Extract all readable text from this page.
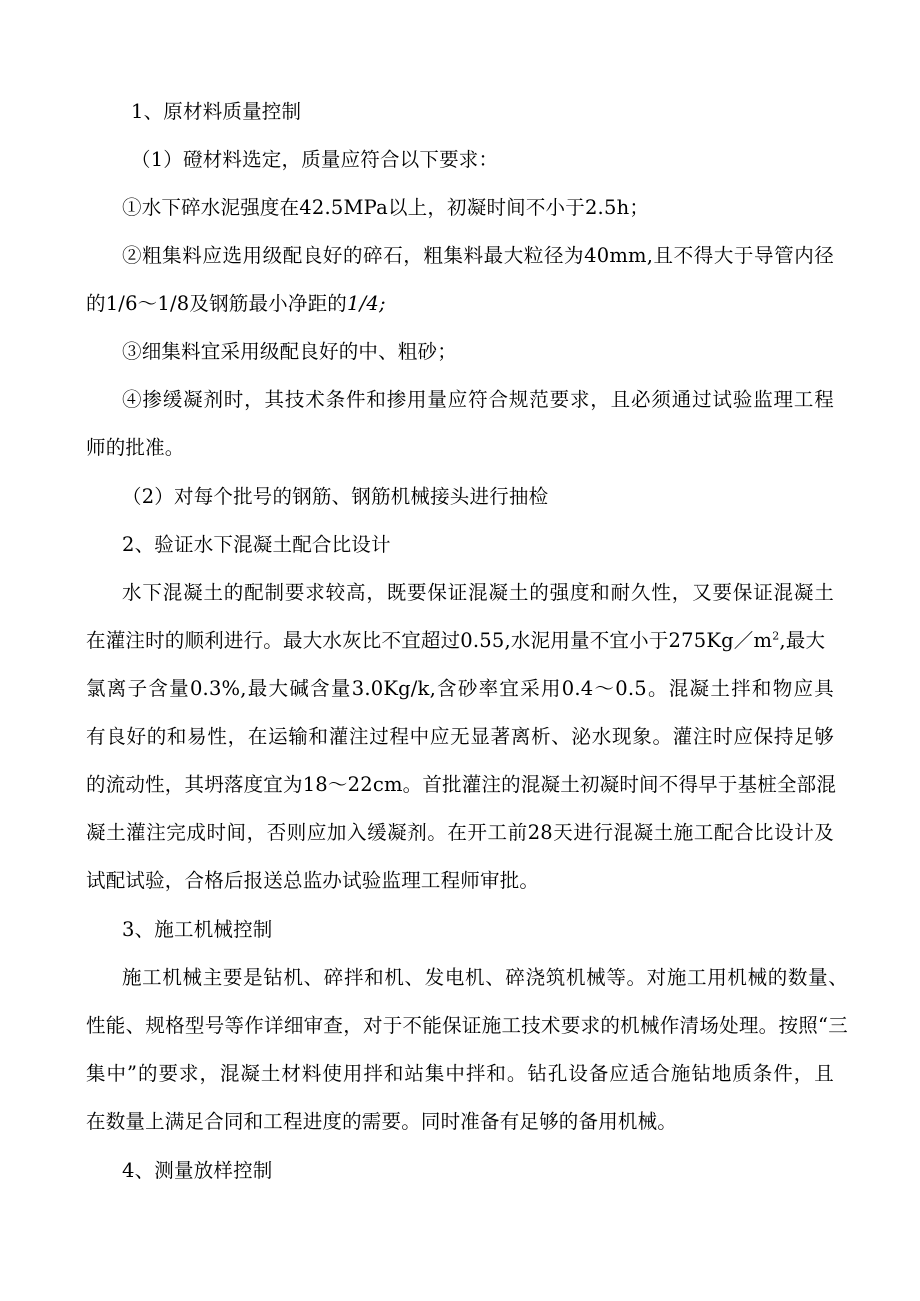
1、原材料质量控制
（1）磴材料选定，质量应符合以下要求：
①水下碎水泥强度在42.5MPa以上，初凝时间不小于2.5h；
②粗集料应选用级配良好的碎石，粗集料最大粒径为40mm,且不得大于导管内径
的1/6～1/8及钢筋最小净距的1/4;
③细集料宜采用级配良好的中、粗砂；
④掺缓凝剂时，其技术条件和掺用量应符合规范要求，且必须通过试验监理工程
师的批准。
（2）对每个批号的钢筋、钢筋机械接头进行抽检
2、验证水下混凝土配合比设计
水下混凝土的配制要求较高，既要保证混凝土的强度和耐久性，又要保证混凝土
在灌注时的顺利进行。最大水灰比不宜超过0.55,水泥用量不宜小于$275Kg/m^2$,最大
氯离子含量0.3%,最大碱含量3.0Kg/k,含砂率宜采用0.4～0.5。混凝土拌和物应具
有良好的和易性，在运输和灌注过程中应无显著离析、泌水现象。灌注时应保持足够
的流动性，其坍落度宜为18～22cm。首批灌注的混凝土初凝时间不得早于基桩全部混
凝土灌注完成时间，否则应加入缓凝剂。在开工前28天进行混凝土施工配合比设计及
试配试验，合格后报送总监办试验监理工程师审批。
3、施工机械控制
施工机械主要是钻机、碎拌和机、发电机、碎浇筑机械等。对施工用机械的数量、
性能、规格型号等作详细审查，对于不能保证施工技术要求的机械作清场处理。按照“三
集中”的要求，混凝土材料使用拌和站集中拌和。钻孔设备应适合施钻地质条件，且
在数量上满足合同和工程进度的需要。同时准备有足够的备用机械。
4、测量放样控制
